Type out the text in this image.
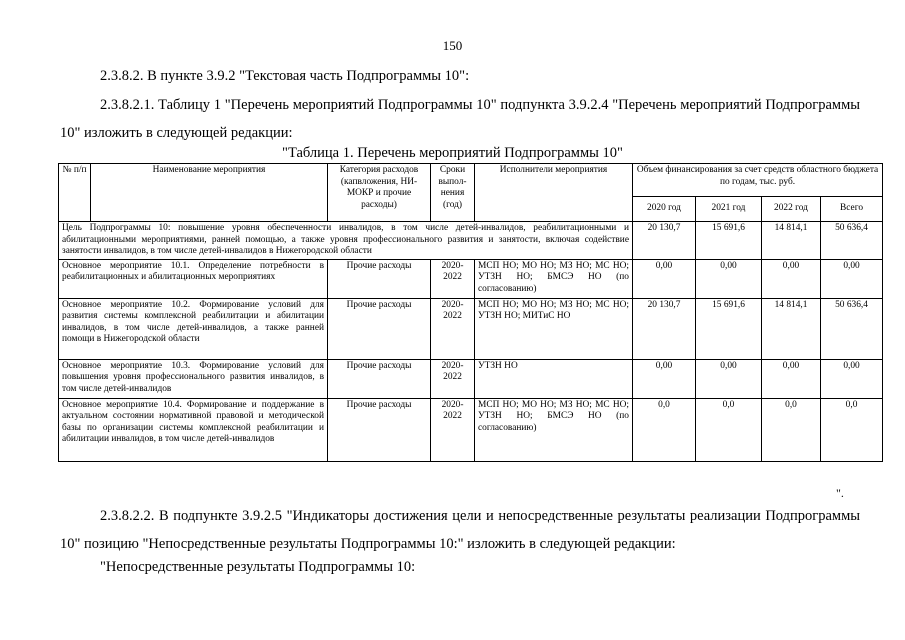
150
2.3.8.2. В пункте 3.9.2 "Текстовая часть Подпрограммы 10":
2.3.8.2.1. Таблицу 1 "Перечень мероприятий Подпрограммы 10" подпункта 3.9.2.4 "Перечень мероприятий Подпрограммы 10" изложить в следующей редакции:
"Таблица 1. Перечень мероприятий Подпрограммы 10"
№ п/п	Наименование мероприятия	Категория расходов (капвложения, НИ-МОКР и прочие расходы)	Сроки выпол-нения (год)	Исполнители мероприятия	Объем финансирования за счет средств областного бюджета по годам, тыс. руб.			
					2020 год	2021 год	2022 год	Всего
Цель Подпрограммы 10: повышение уровня обеспеченности инвалидов, в том числе детей-инвалидов, реабилитационными и абилитационными мероприятиями, ранней помощью, а также уровня профессионального развития и занятости, включая содействие занятости инвалидов, в том числе детей-инвалидов в Нижегородской области					20 130,7	15 691,6	14 814,1	50 636,4
Основное мероприятие 10.1. Определение потребности в реабилитационных и абилитационных мероприятиях		Прочие расходы	2020-2022	МСП НО; МО НО; МЗ НО; МС НО; УТЗН НО; БМСЭ НО (по согласованию)	0,00	0,00	0,00	0,00
Основное мероприятие 10.2. Формирование условий для развития системы комплексной реабилитации и абилитации инвалидов, в том числе детей-инвалидов, а также ранней помощи в Нижегородской области		Прочие расходы	2020-2022	МСП НО; МО НО; МЗ НО; МС НО; УТЗН НО; МИТиС НО	20 130,7	15 691,6	14 814,1	50 636,4
Основное мероприятие 10.3. Формирование условий для повышения уровня профессионального развития инвалидов, в том числе детей-инвалидов		Прочие расходы	2020-2022	УТЗН НО	0,00	0,00	0,00	0,00
Основное мероприятие 10.4. Формирование и поддержание в актуальном состоянии нормативной правовой и методической базы по организации системы комплексной реабилитации и абилитации инвалидов, в том числе детей-инвалидов		Прочие расходы	2020-2022	МСП НО; МО НО; МЗ НО; МС НО; УТЗН НО; БМСЭ НО (по согласованию)	0,0	0,0	0,0	0,0
".
2.3.8.2.2. В подпункте 3.9.2.5 "Индикаторы достижения цели и непосредственные результаты реализации Подпрограммы 10" позицию "Непосредственные результаты Подпрограммы 10:" изложить в следующей редакции:
"Непосредственные результаты Подпрограммы 10:
